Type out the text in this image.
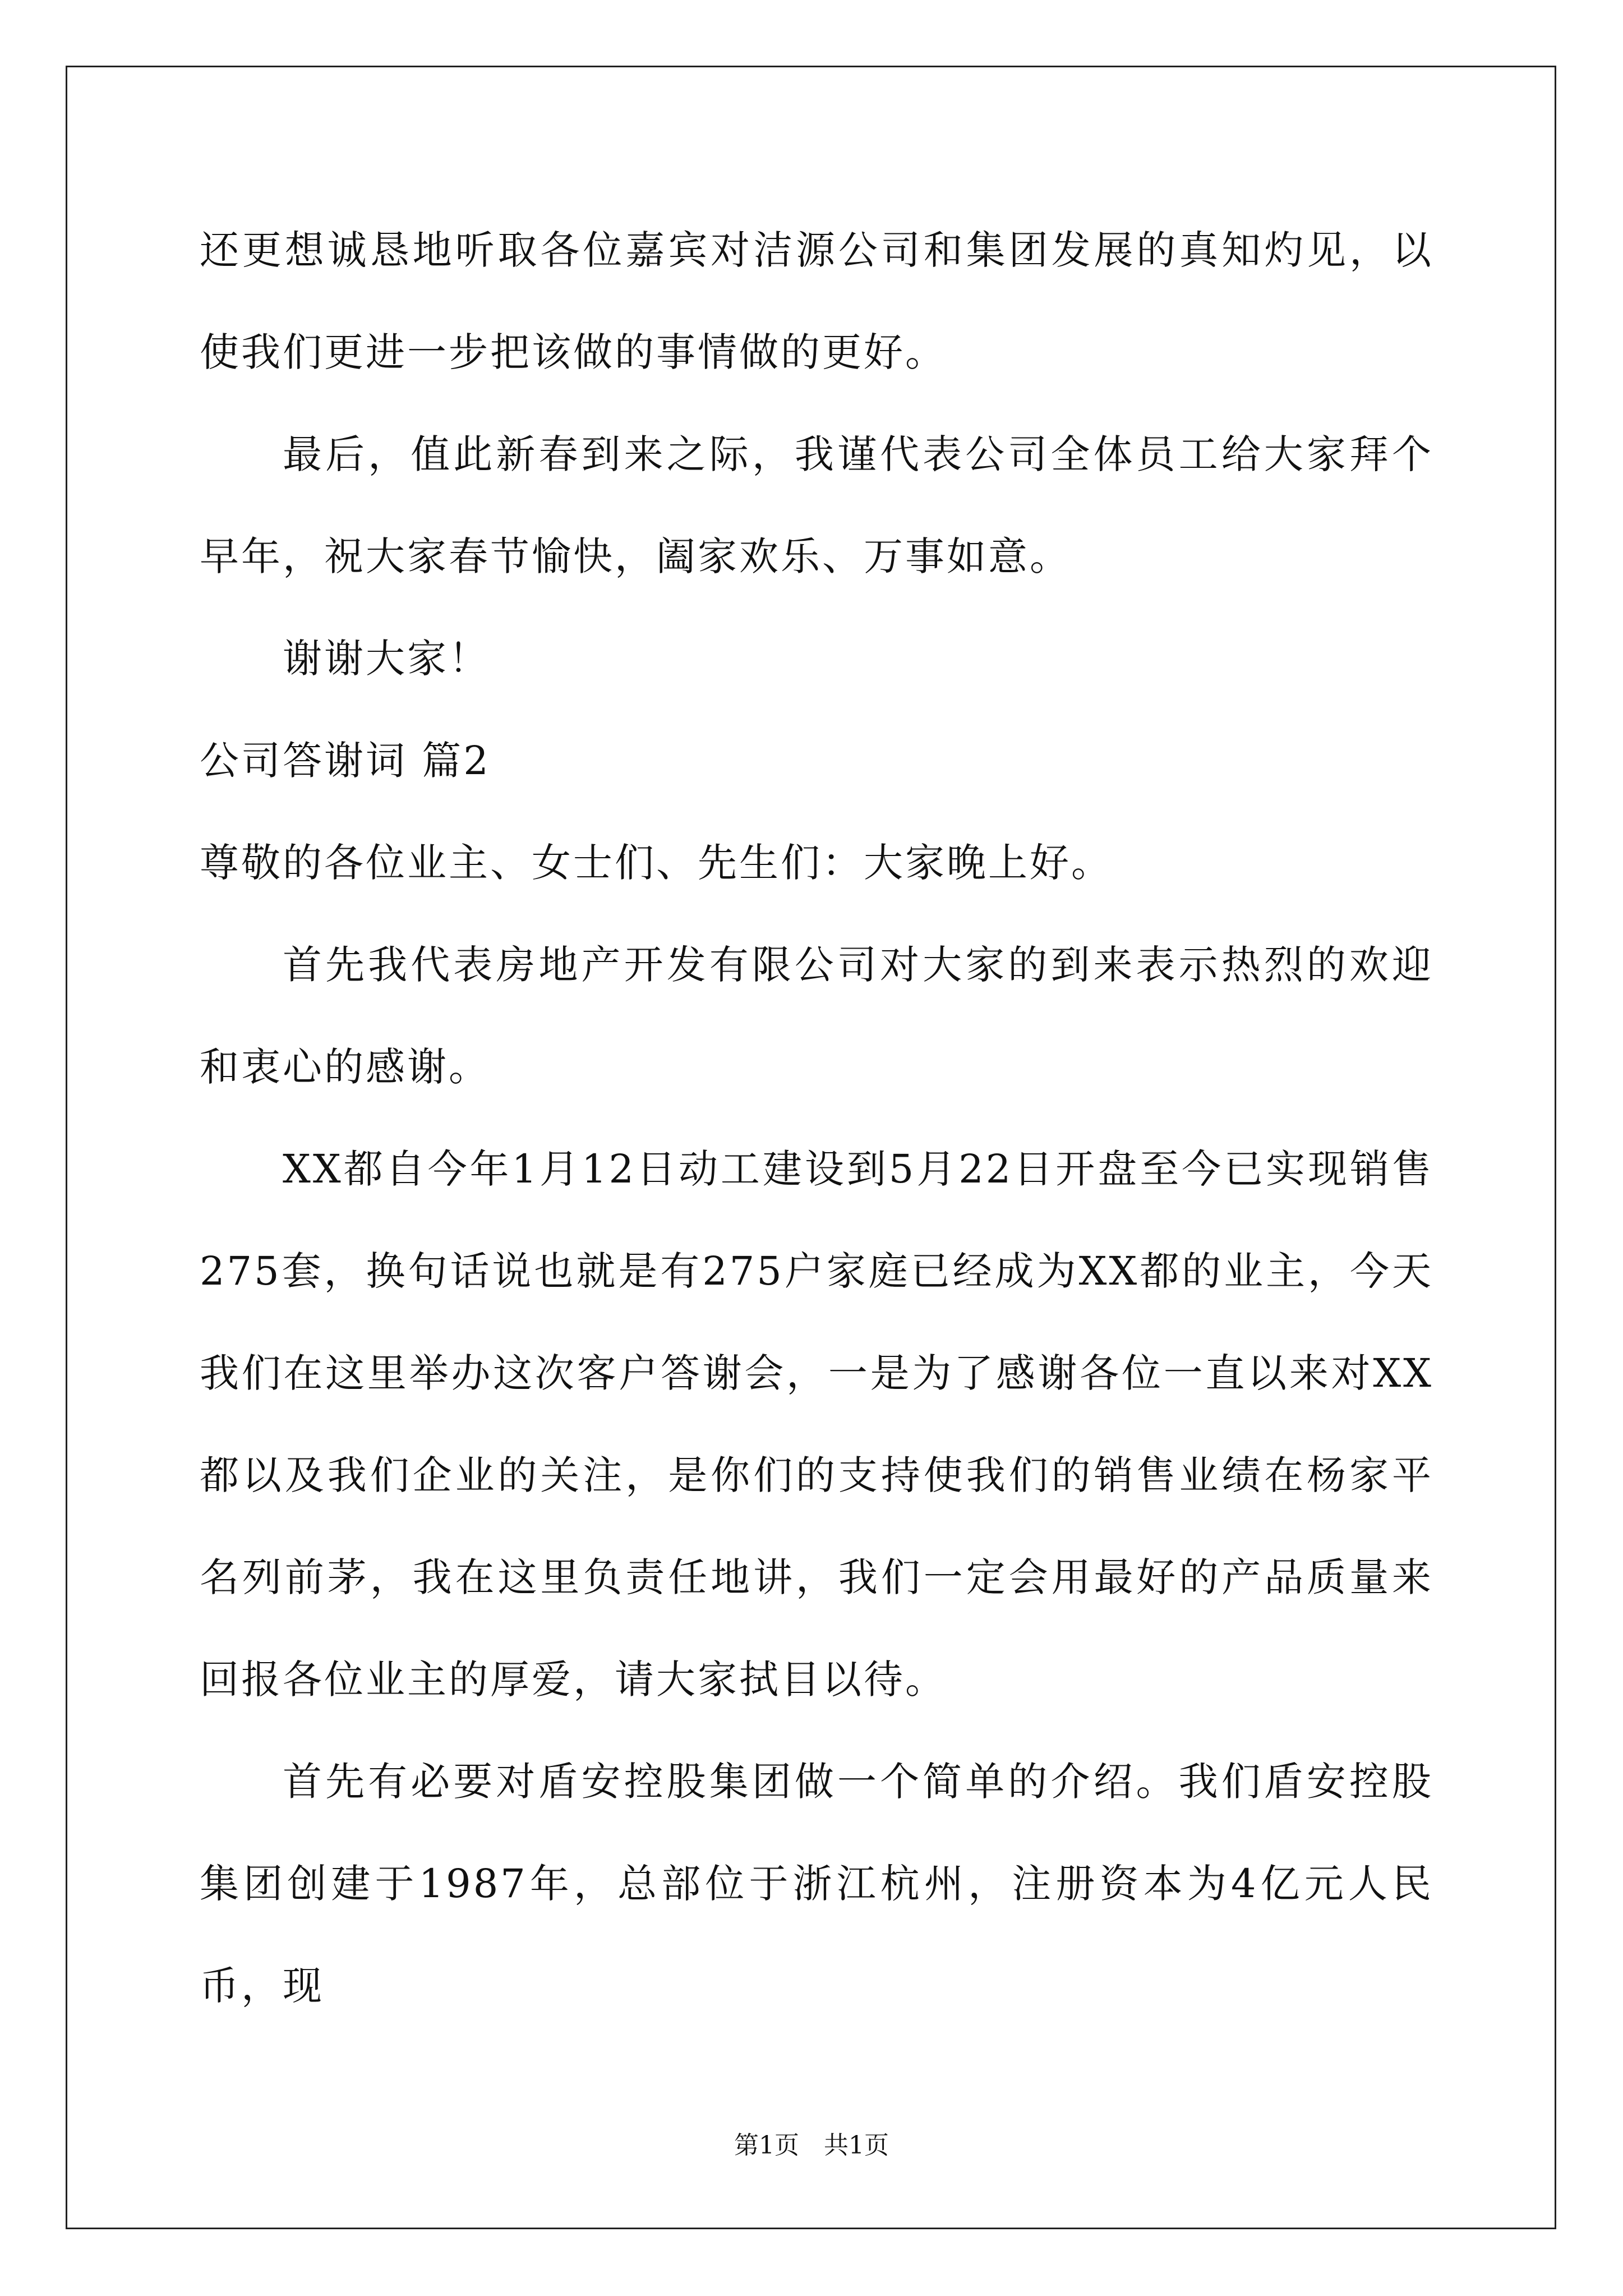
还更想诚恳地听取各位嘉宾对洁源公司和集团发展的真知灼见，以使我们更进一步把该做的事情做的更好。

最后，值此新春到来之际，我谨代表公司全体员工给大家拜个早年，祝大家春节愉快，阖家欢乐、万事如意。

谢谢大家！

公司答谢词 篇2

尊敬的各位业主、女士们、先生们：大家晚上好。

首先我代表房地产开发有限公司对大家的到来表示热烈的欢迎和衷心的感谢。

XX都自今年1月12日动工建设到5月22日开盘至今已实现销售275套，换句话说也就是有275户家庭已经成为XX都的业主，今天我们在这里举办这次客户答谢会，一是为了感谢各位一直以来对XX都以及我们企业的关注，是你们的支持使我们的销售业绩在杨家平名列前茅，我在这里负责任地讲，我们一定会用最好的产品质量来回报各位业主的厚爱，请大家拭目以待。

首先有必要对盾安控股集团做一个简单的介绍。我们盾安控股集团创建于1987年，总部位于浙江杭州，注册资本为4亿元人民币，现

第1页　共1页
